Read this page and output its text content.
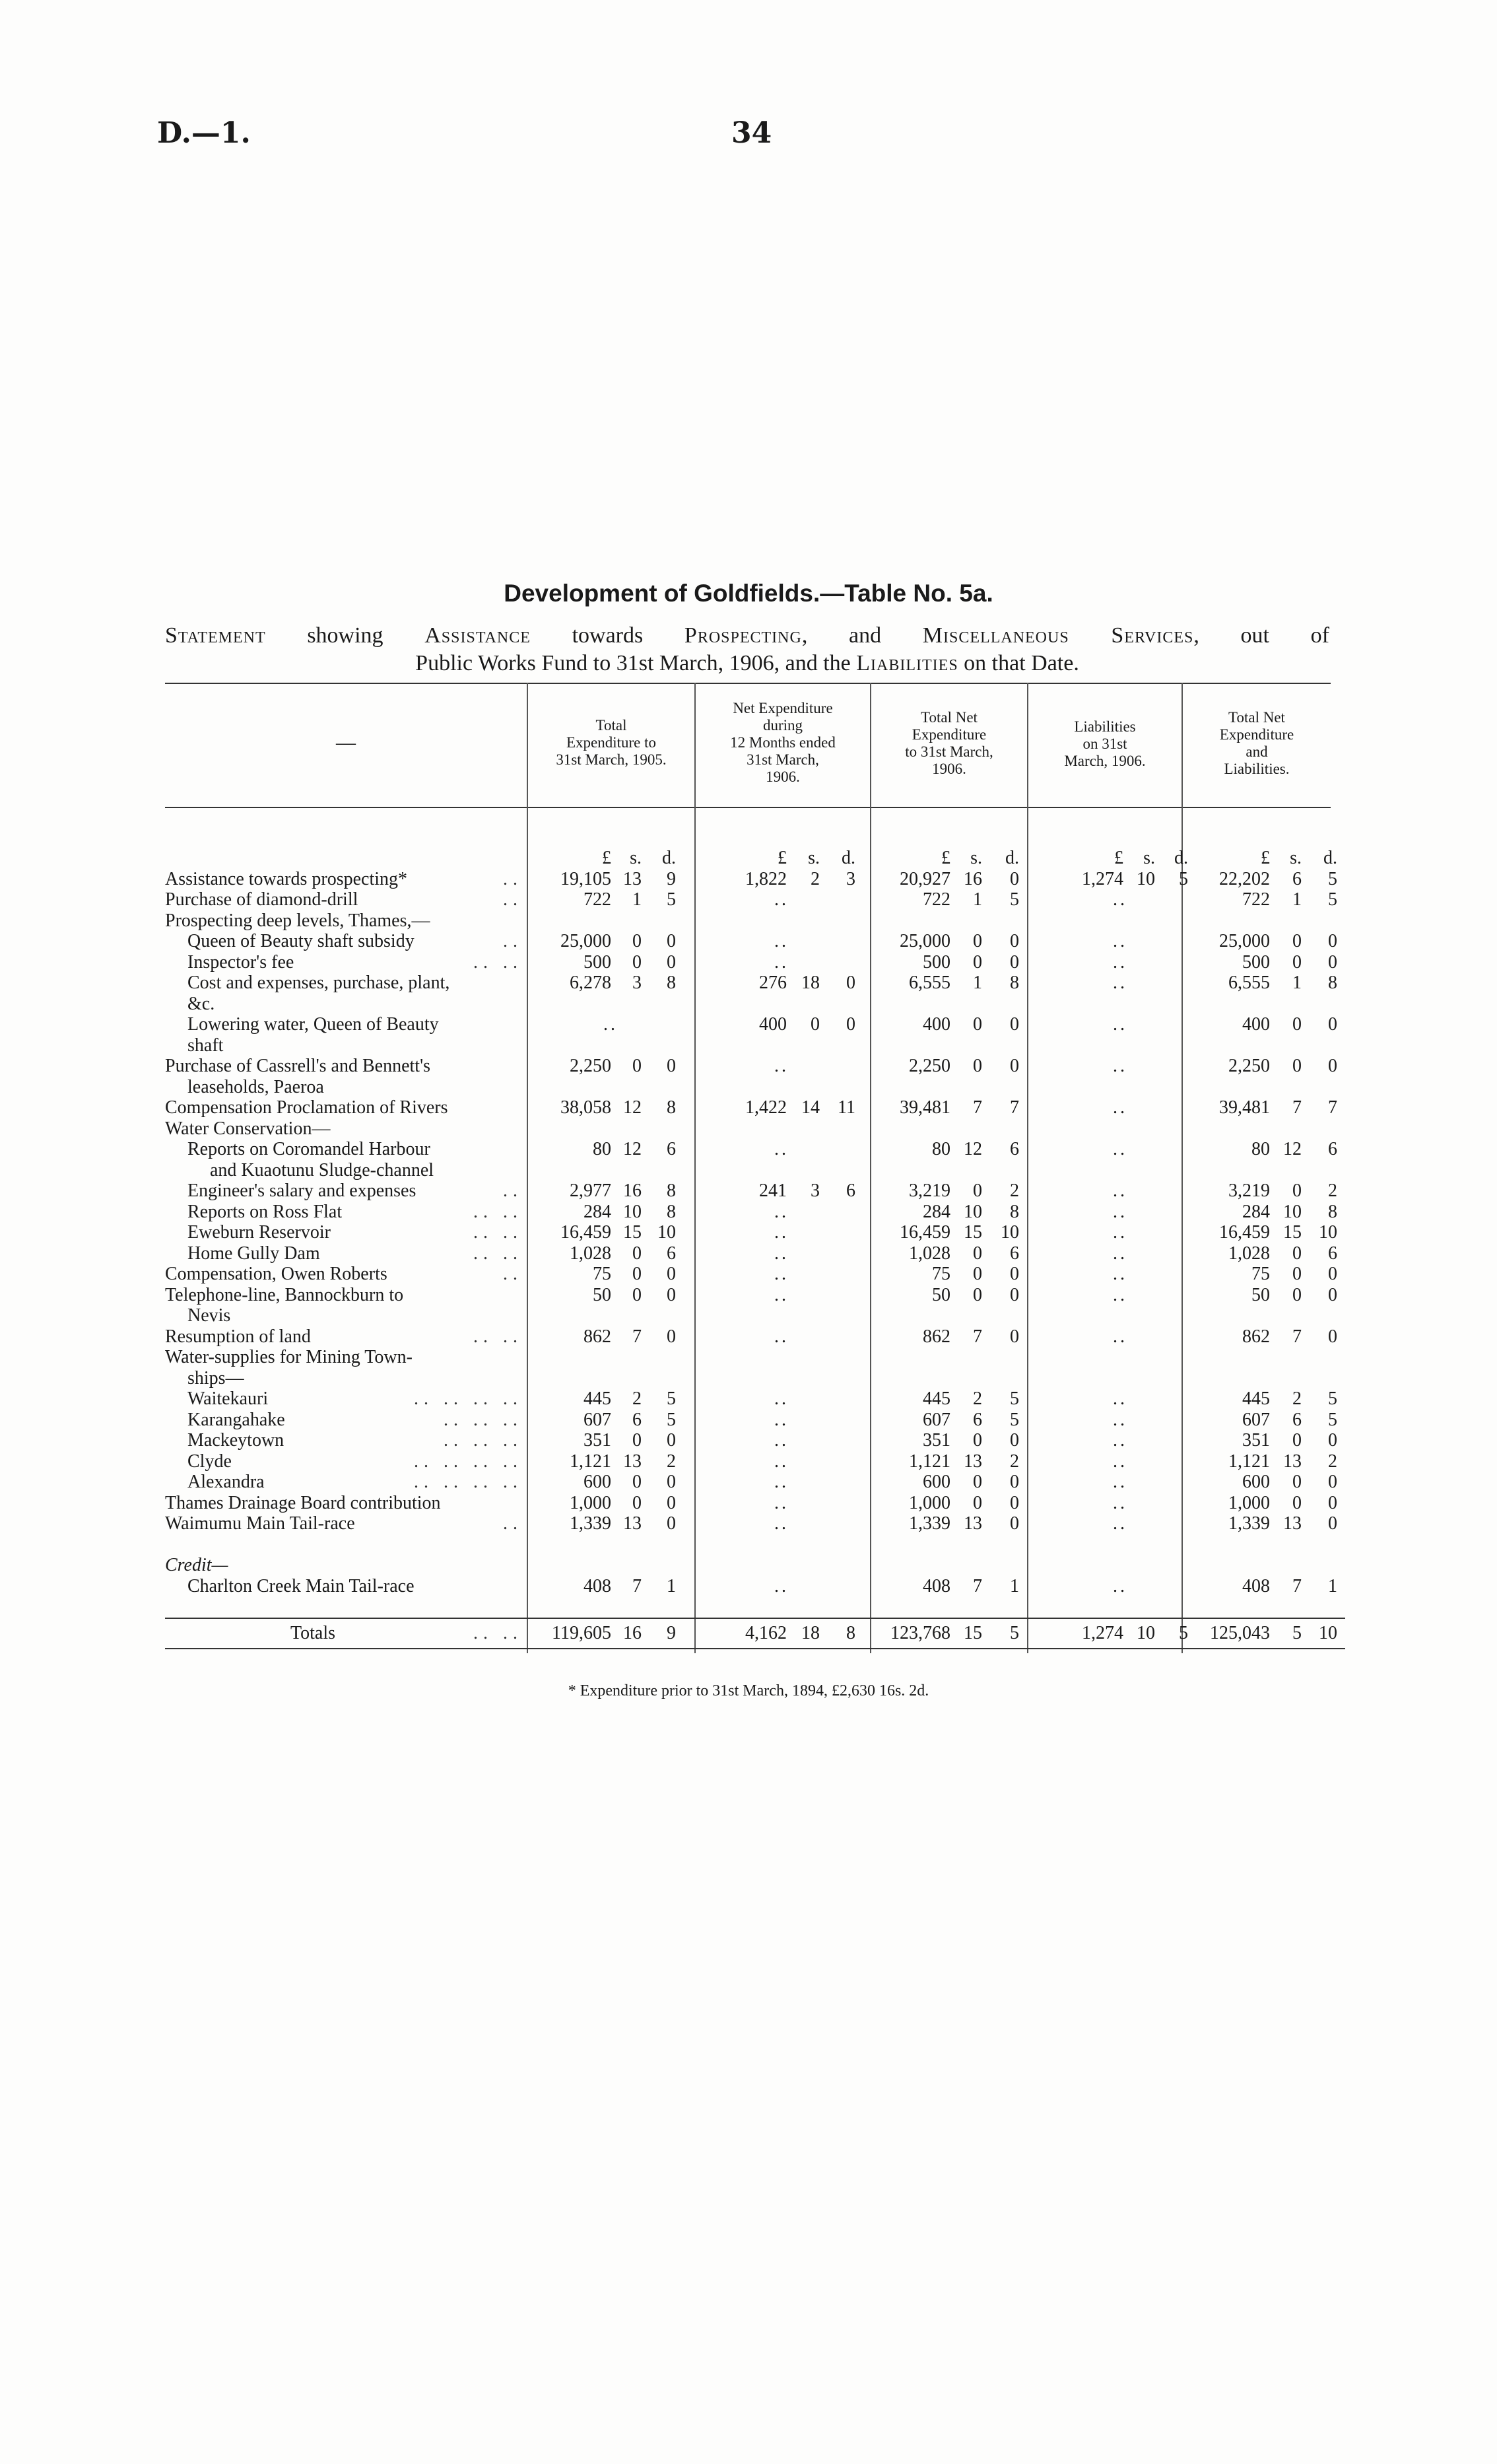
D.—1.	34
Development of Goldfields.—Table No. 5a.
Statement showing Assistance towards Prospecting, and Miscellaneous Services, out of
Public Works Fund to 31st March, 1906, and the Liabilities on that Date.
—
Total
Expenditure to
31st March, 1905.
Net Expenditure
during
12 Months ended
31st March,
1906.
Total Net
Expenditure
to 31st March,
1906.
Liabilities
on 31st
March, 1906.
Total Net
Expenditure
and
Liabilities.
	£	s.	d.	£	s.	d.	£	s.	d.	£	s.	d.	£	s.	d.
Assistance towards prospecting* ..	19,105	13	9	1,822	2	3	20,927	16	0	1,274	10	5	22,202	6	5
Purchase of diamond-drill ..	722	1	5	..			722	1	5	..			722	1	5
Prospecting deep levels, Thames,—															
Queen of Beauty shaft subsidy ..	25,000	0	0	..			25,000	0	0	..			25,000	0	0
Inspector's fee .. ..	500	0	0	..			500	0	0	..			500	0	0
Cost and expenses, purchase, plant,	6,278	3	8	276	18	0	6,555	1	8	..			6,555	1	8
&c.															
Lowering water, Queen of Beauty	..			400	0	0	400	0	0	..			400	0	0
shaft															
Purchase of Cassrell's and Bennett's	2,250	0	0	..			2,250	0	0	..			2,250	0	0
leaseholds, Paeroa															
Compensation Proclamation of Rivers	38,058	12	8	1,422	14	11	39,481	7	7	..			39,481	7	7
Water Conservation—															
Reports on Coromandel Harbour	80	12	6	..			80	12	6	..			80	12	6
and Kuaotunu Sludge-channel															
Engineer's salary and expenses ..	2,977	16	8	241	3	6	3,219	0	2	..			3,219	0	2
Reports on Ross Flat .. ..	284	10	8	..			284	10	8	..			284	10	8
Eweburn Reservoir .. ..	16,459	15	10	..			16,459	15	10	..			16,459	15	10
Home Gully Dam .. ..	1,028	0	6	..			1,028	0	6	..			1,028	0	6
Compensation, Owen Roberts ..	75	0	0	..			75	0	0	..			75	0	0
Telephone-line, Bannockburn to	50	0	0	..			50	0	0	..			50	0	0
Nevis															
Resumption of land .. ..	862	7	0	..			862	7	0	..			862	7	0
Water-supplies for Mining Town-															
ships—															
Waitekauri .. .. .. ..	445	2	5	..			445	2	5	..			445	2	5
Karangahake .. .. ..	607	6	5	..			607	6	5	..			607	6	5
Mackeytown .. .. ..	351	0	0	..			351	0	0	..			351	0	0
Clyde .. .. .. ..	1,121	13	2	..			1,121	13	2	..			1,121	13	2
Alexandra .. .. .. ..	600	0	0	..			600	0	0	..			600	0	0
Thames Drainage Board contribution	1,000	0	0	..			1,000	0	0	..			1,000	0	0
Waimumu Main Tail-race ..	1,339	13	0	..			1,339	13	0	..			1,339	13	0

Credit—															
Charlton Creek Main Tail-race	408	7	1	..			408	7	1	..			408	7	1

Totals .. ..	119,605	16	9	4,162	18	8	123,768	15	5	1,274	10	5	125,043	5	10
* Expenditure prior to 31st March, 1894, £2,630 16s. 2d.
